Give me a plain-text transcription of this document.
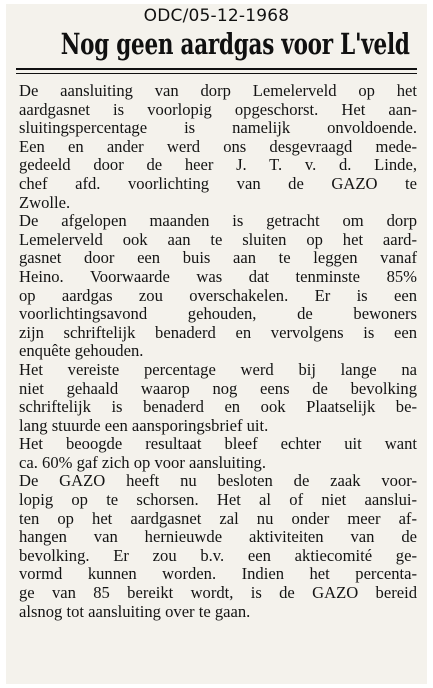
ODC/05-12-1968
Nog geen aardgas voor L'veld
De aansluiting van dorp Lemelerveld op het
aardgasnet is voorlopig opgeschorst. Het aan-
sluitingspercentage is namelijk onvoldoende.
Een en ander werd ons desgevraagd mede-
gedeeld door de heer J. T. v. d. Linde,
chef afd. voorlichting van de GAZO te
Zwolle.
De afgelopen maanden is getracht om dorp
Lemelerveld ook aan te sluiten op het aard-
gasnet door een buis aan te leggen vanaf
Heino. Voorwaarde was dat tenminste 85%
op aardgas zou overschakelen. Er is een
voorlichtingsavond gehouden, de bewoners
zijn schriftelijk benaderd en vervolgens is een
enquête gehouden.
Het vereiste percentage werd bij lange na
niet gehaald waarop nog eens de bevolking
schriftelijk is benaderd en ook Plaatselijk be-
lang stuurde een aansporingsbrief uit.
Het beoogde resultaat bleef echter uit want
ca. 60% gaf zich op voor aansluiting.
De GAZO heeft nu besloten de zaak voor-
lopig op te schorsen. Het al of niet aanslui-
ten op het aardgasnet zal nu onder meer af-
hangen van hernieuwde aktiviteiten van de
bevolking. Er zou b.v. een aktiecomité ge-
vormd kunnen worden. Indien het percenta-
ge van 85 bereikt wordt, is de GAZO bereid
alsnog tot aansluiting over te gaan.
